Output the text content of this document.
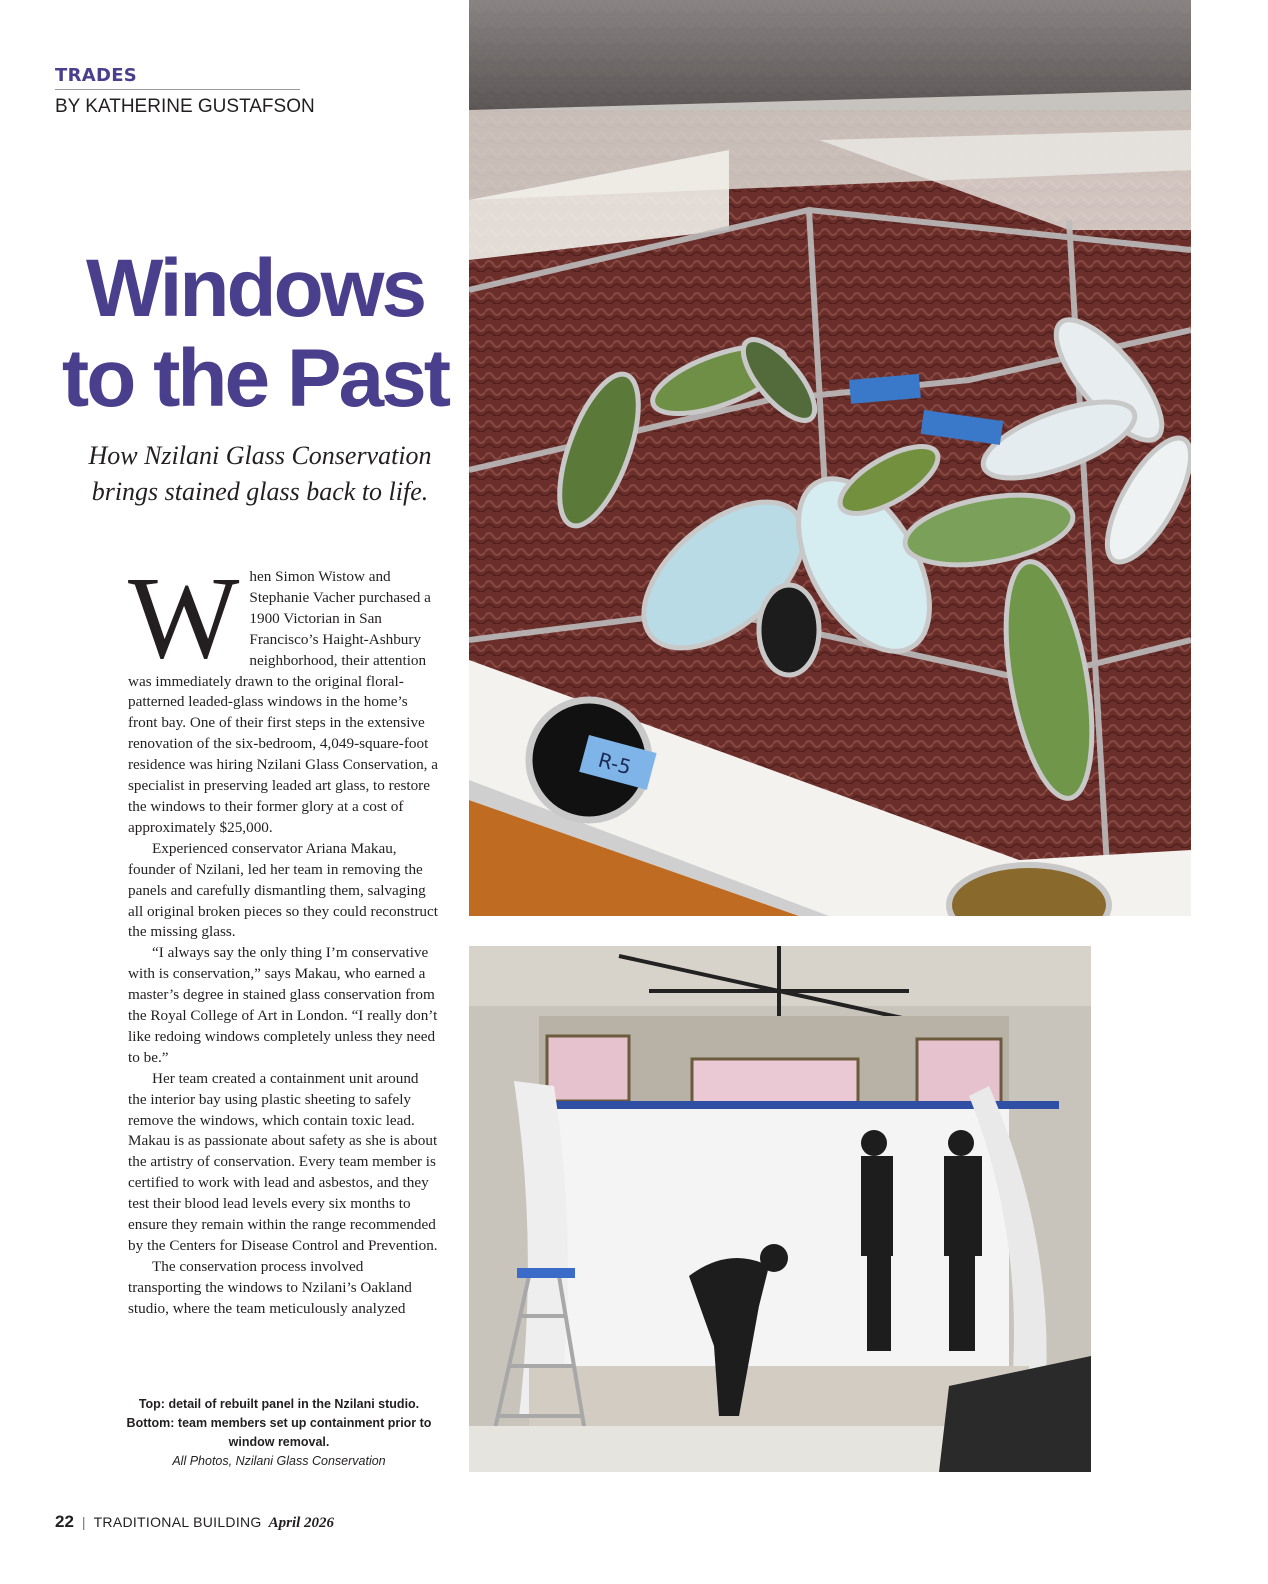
TRADES
BY KATHERINE GUSTAFSON
Windows
to the Past

How Nzilani Glass Conservation
brings stained glass back to life.

When Simon Wistow and Stephanie Vacher purchased a 1900 Victorian in San Francisco’s Haight-Ashbury neighborhood, their attention was immediately drawn to the original floral-patterned leaded-glass windows in the home’s front bay. One of their first steps in the extensive renovation of the six-bedroom, 4,049-square-foot residence was hiring Nzilani Glass Conservation, a specialist in preserving leaded art glass, to restore the windows to their former glory at a cost of approximately $25,000.

Experienced conservator Ariana Makau, founder of Nzilani, led her team in removing the panels and carefully dismantling them, salvaging all original broken pieces so they could reconstruct the missing glass.

“I always say the only thing I’m conservative with is conservation,” says Makau, who earned a master’s degree in stained glass conservation from the Royal College of Art in London. “I really don’t like redoing windows completely unless they need to be.”

Her team created a containment unit around the interior bay using plastic sheeting to safely remove the windows, which contain toxic lead. Makau is as passionate about safety as she is about the artistry of conservation. Every team member is certified to work with lead and asbestos, and they test their blood lead levels every six months to ensure they remain within the range recommended by the Centers for Disease Control and Prevention.

The conservation process involved transporting the windows to Nzilani’s Oakland studio, where the team meticulously analyzed

Top: detail of rebuilt panel in the Nzilani studio. Bottom: team members set up containment prior to window removal.
All Photos, Nzilani Glass Conservation
R-5
22 | TRADITIONAL BUILDING April 2026
